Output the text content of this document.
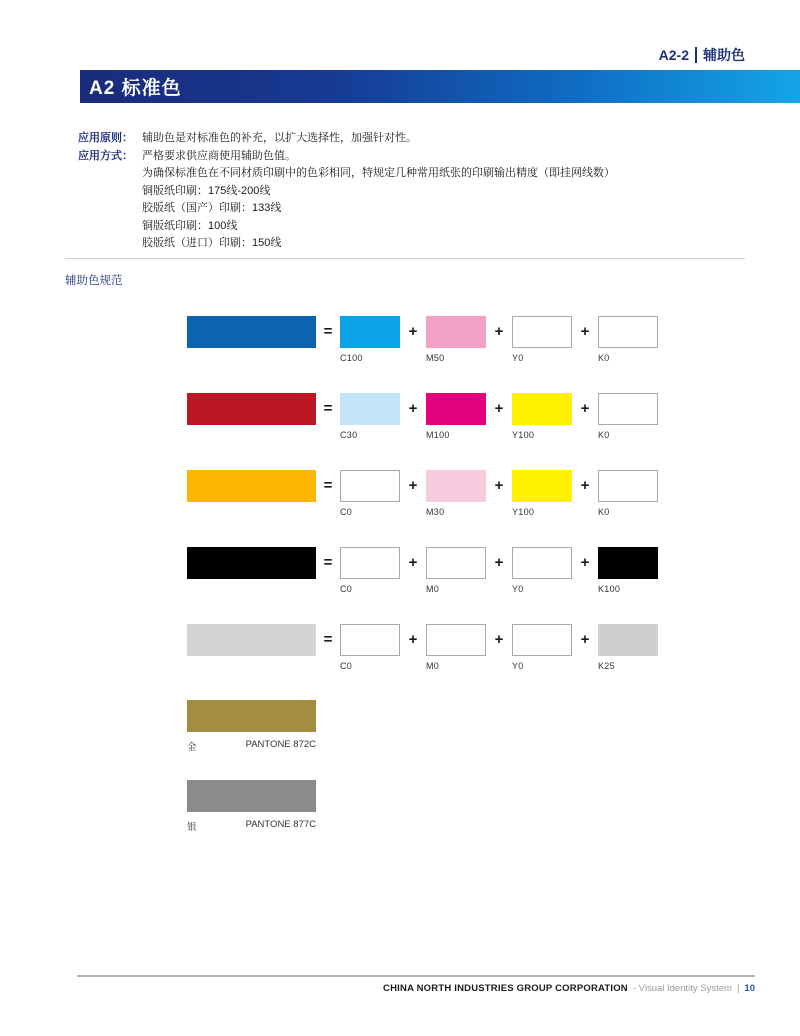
A2-2 辅助色
A2 标准色
应用原则： 辅助色是对标准色的补充，以扩大选择性，加强针对性。
应用方式： 严格要求供应商使用辅助色值。
为确保标准色在不同材质印刷中的色彩相同，特规定几种常用纸张的印刷输出精度（即挂网线数）
铜版纸印刷：175线-200线
胶版纸（国产）印刷：133线
铜版纸印刷：100线
胶版纸（进口）印刷：150线
辅助色规范
=
C100
+
M50
+
Y0
+
K0
=
C30
+
M100
+
Y100
+
K0
=
C0
+
M30
+
Y100
+
K0
=
C0
+
M0
+
Y0
+
K100
=
C0
+
M0
+
Y0
+
K25
金	PANTONE 872C
银	PANTONE 877C
CHINA NORTH INDUSTRIES GROUP CORPORATION - Visual Identity System | 10
